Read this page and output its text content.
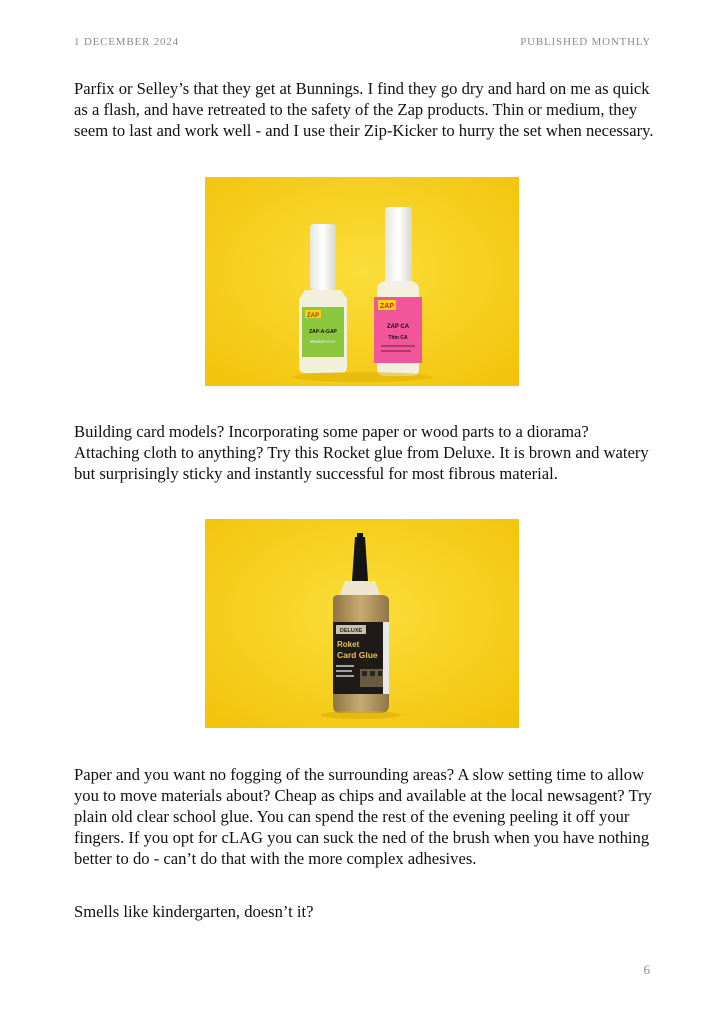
1 DECEMBER 2024	PUBLISHED MONTHLY

Parfix or Selley’s that they get at Bunnings. I find they go dry and hard on me as quick as a flash, and have retreated to the safety of the Zap products. Thin or medium, they seem to last and work well - and I use their Zip-Kicker to hurry the set when necessary.

ZAP
ZAP-A-GAP
Medium CA+
ZAP
ZAP CA
Thin CA

Building card models? Incorporating some paper or wood parts to a diorama? Attaching cloth to anything? Try this Rocket glue from Deluxe. It is brown and watery but surprisingly sticky and instantly successful for most fibrous material.

DELUXE
Roket
Card Glue

Paper and you want no fogging of the surrounding areas? A slow setting time to allow you to move materials about? Cheap as chips and available at the local newsagent? Try plain old clear school glue. You can spend the rest of the evening peeling it off your fingers. If you opt for cLAG you can suck the ned of the brush when you have nothing better to do - can’t do that with the more complex adhesives.

Smells like kindergarten, doesn’t it?

6
